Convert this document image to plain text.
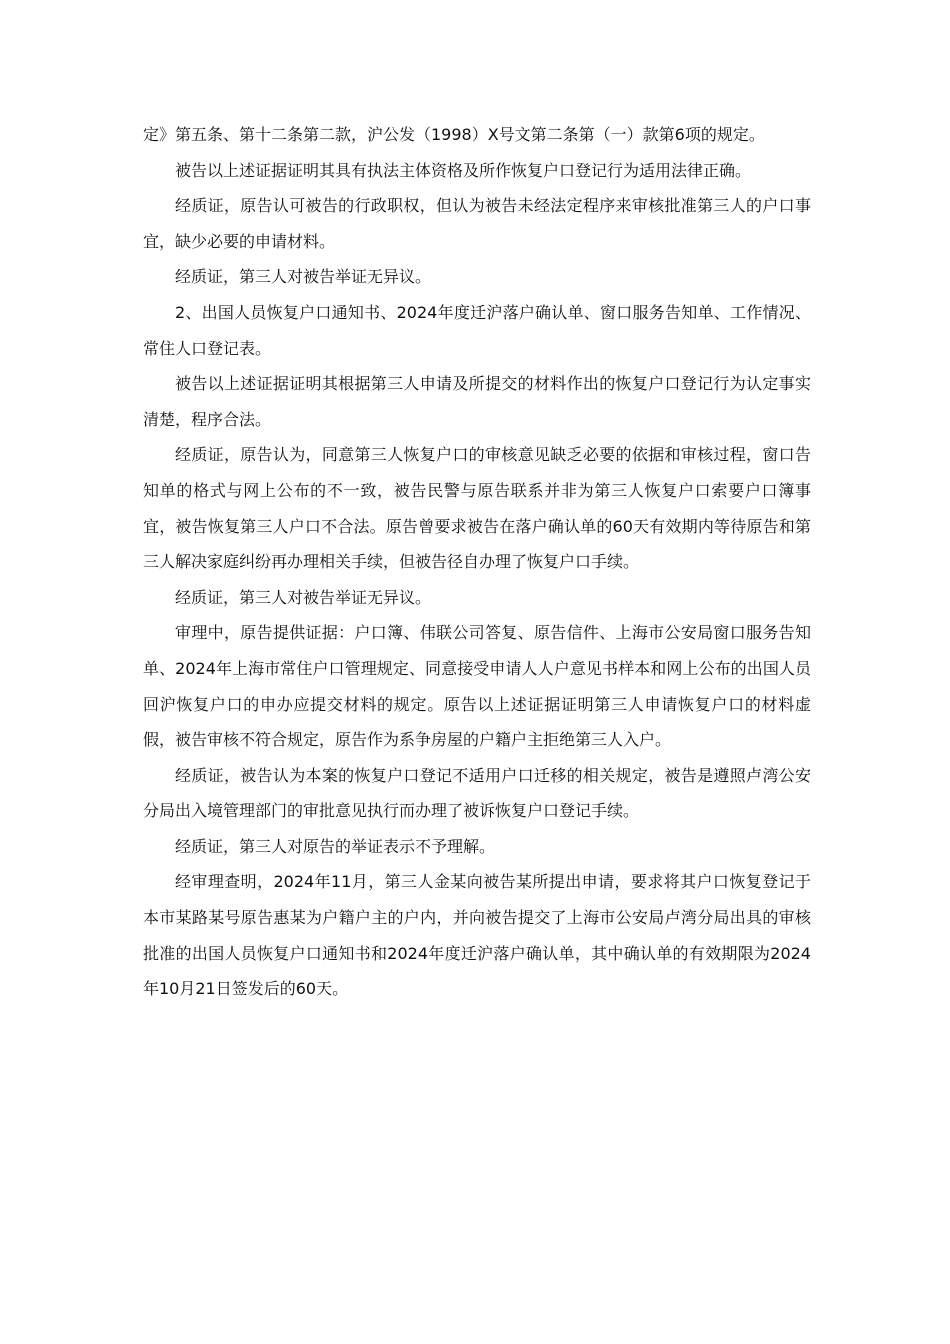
定》第五条、第十二条第二款，沪公发（1998）X号文第二条第（一）款第6项的规定。

被告以上述证据证明其具有执法主体资格及所作恢复户口登记行为适用法律正确。

经质证，原告认可被告的行政职权，但认为被告未经法定程序来审核批准第三人的户口事宜，缺少必要的申请材料。

经质证，第三人对被告举证无异议。

2、出国人员恢复户口通知书、2024年度迁沪落户确认单、窗口服务告知单、工作情况、常住人口登记表。

被告以上述证据证明其根据第三人申请及所提交的材料作出的恢复户口登记行为认定事实清楚，程序合法。

经质证，原告认为，同意第三人恢复户口的审核意见缺乏必要的依据和审核过程，窗口告知单的格式与网上公布的不一致，被告民警与原告联系并非为第三人恢复户口索要户口簿事宜，被告恢复第三人户口不合法。原告曾要求被告在落户确认单的60天有效期内等待原告和第三人解决家庭纠纷再办理相关手续，但被告径自办理了恢复户口手续。

经质证，第三人对被告举证无异议。

审理中，原告提供证据：户口簿、伟联公司答复、原告信件、上海市公安局窗口服务告知单、2024年上海市常住户口管理规定、同意接受申请人人户意见书样本和网上公布的出国人员回沪恢复户口的申办应提交材料的规定。原告以上述证据证明第三人申请恢复户口的材料虚假，被告审核不符合规定，原告作为系争房屋的户籍户主拒绝第三人入户。

经质证，被告认为本案的恢复户口登记不适用户口迁移的相关规定，被告是遵照卢湾公安分局出入境管理部门的审批意见执行而办理了被诉恢复户口登记手续。

经质证，第三人对原告的举证表示不予理解。

经审理查明，2024年11月，第三人金某向被告某所提出申请，要求将其户口恢复登记于本市某路某号原告惠某为户籍户主的户内，并向被告提交了上海市公安局卢湾分局出具的审核批准的出国人员恢复户口通知书和2024年度迁沪落户确认单，其中确认单的有效期限为2024年10月21日签发后的60天。
